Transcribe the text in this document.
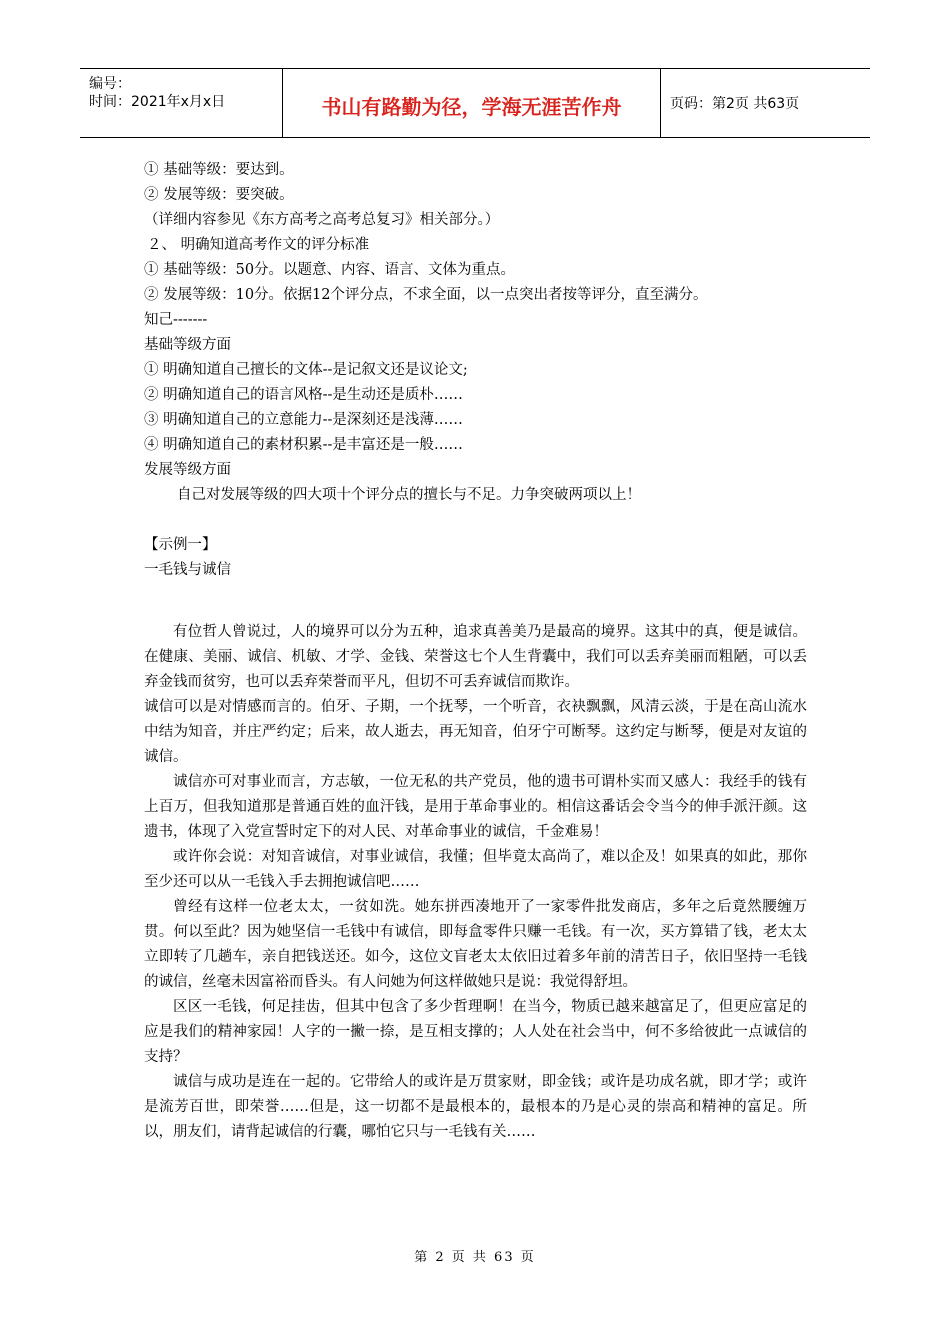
编号：
时间：2021年x月x日	书山有路勤为径，学海无涯苦作舟	页码：第2页 共63页
① 基础等级：要达到。
② 发展等级：要突破。
（详细内容参见《东方高考之高考总复习》相关部分。）
２、 明确知道高考作文的评分标准
① 基础等级：50分。以题意、内容、语言、文体为重点。
② 发展等级：10分。依据12个评分点，不求全面，以一点突出者按等评分，直至满分。
知己-------
基础等级方面
① 明确知道自己擅长的文体--是记叙文还是议论文;
② 明确知道自己的语言风格--是生动还是质朴……
③ 明确知道自己的立意能力--是深刻还是浅薄……
④ 明确知道自己的素材积累--是丰富还是一般……
发展等级方面
自己对发展等级的四大项十个评分点的擅长与不足。力争突破两项以上！
【示例一】
一毛钱与诚信
有位哲人曾说过，人的境界可以分为五种，追求真善美乃是最高的境界。这其中的真，便是诚信。在健康、美丽、诚信、机敏、才学、金钱、荣誉这七个人生背囊中，我们可以丢弃美丽而粗陋，可以丢弃金钱而贫穷，也可以丢弃荣誉而平凡，但切不可丢弃诚信而欺诈。
诚信可以是对情感而言的。伯牙、子期，一个抚琴，一个听音，衣袂飘飘，风清云淡，于是在高山流水中结为知音，并庄严约定；后来，故人逝去，再无知音，伯牙宁可断琴。这约定与断琴，便是对友谊的诚信。
诚信亦可对事业而言，方志敏，一位无私的共产党员，他的遗书可谓朴实而又感人：我经手的钱有上百万，但我知道那是普通百姓的血汗钱，是用于革命事业的。相信这番话会令当今的伸手派汗颜。这遗书，体现了入党宣誓时定下的对人民、对革命事业的诚信，千金难易！
或许你会说：对知音诚信，对事业诚信，我懂；但毕竟太高尚了，难以企及！如果真的如此，那你至少还可以从一毛钱入手去拥抱诚信吧……
曾经有这样一位老太太，一贫如洗。她东拼西凑地开了一家零件批发商店，多年之后竟然腰缠万贯。何以至此？因为她坚信一毛钱中有诚信，即每盒零件只赚一毛钱。有一次，买方算错了钱，老太太立即转了几趟车，亲自把钱送还。如今，这位文盲老太太依旧过着多年前的清苦日子，依旧坚持一毛钱的诚信，丝毫未因富裕而昏头。有人问她为何这样做她只是说：我觉得舒坦。
区区一毛钱，何足挂齿，但其中包含了多少哲理啊！在当今，物质已越来越富足了，但更应富足的应是我们的精神家园！人字的一撇一捺，是互相支撑的；人人处在社会当中，何不多给彼此一点诚信的支持？
诚信与成功是连在一起的。它带给人的或许是万贯家财，即金钱；或许是功成名就，即才学；或许是流芳百世，即荣誉……但是，这一切都不是最根本的，最根本的乃是心灵的崇高和精神的富足。所以，朋友们，请背起诚信的行囊，哪怕它只与一毛钱有关……
第 2 页 共 63 页
